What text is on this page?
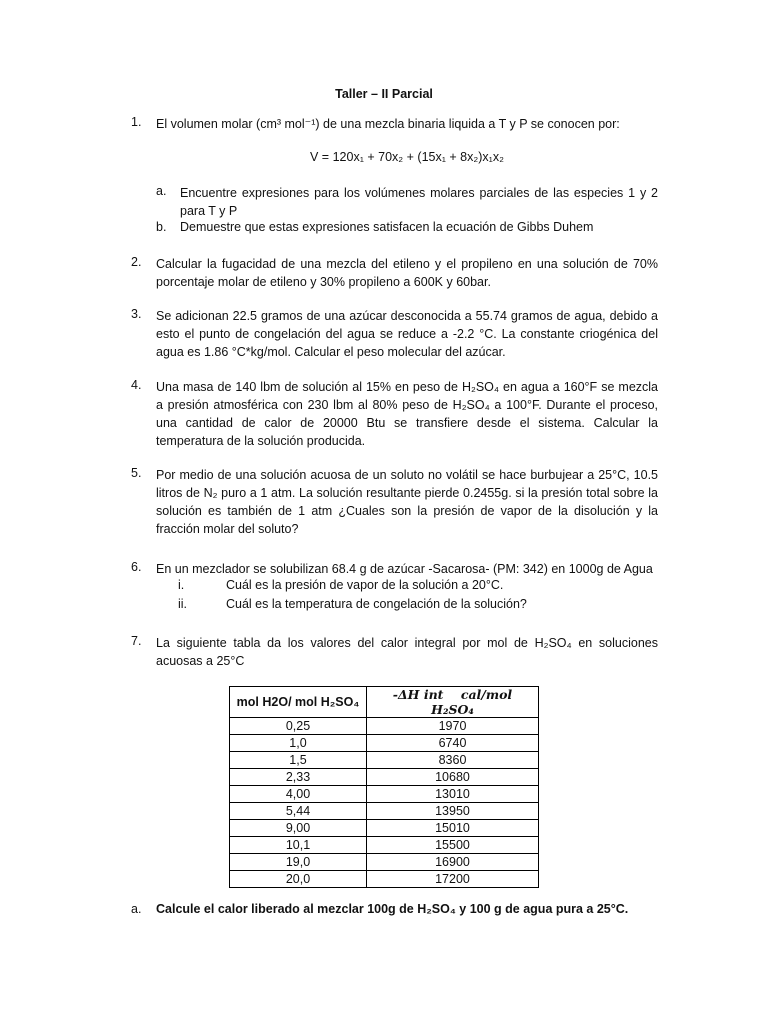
Taller – II Parcial
1.	El volumen molar (cm³ mol⁻¹) de una mezcla binaria liquida a T y P se conocen por:
V = 120x₁ + 70x₂ + (15x₁ + 8x₂)x₁x₂
a. Encuentre expresiones para los volúmenes molares parciales de las especies 1 y 2 para T y P
b. Demuestre que estas expresiones satisfacen la ecuación de Gibbs Duhem
2.	Calcular la fugacidad de una mezcla del etileno y el propileno en una solución de 70% porcentaje molar de etileno y 30% propileno a 600K y 60bar.
3.	Se adicionan 22.5 gramos de una azúcar desconocida a 55.74 gramos de agua, debido a esto el punto de congelación del agua se reduce a -2.2 °C. La constante criogénica del agua es 1.86 °C*kg/mol. Calcular el peso molecular del azúcar.
4.	Una masa de 140 lbm de solución al 15% en peso de H₂SO₄ en agua a 160°F se mezcla a presión atmosférica con 230 lbm al 80% peso de H₂SO₄ a 100°F. Durante el proceso, una cantidad de calor de 20000 Btu se transfiere desde el sistema. Calcular la temperatura de la solución producida.
5.	Por medio de una solución acuosa de un soluto no volátil se hace burbujear a 25°C, 10.5 litros de N₂ puro a 1 atm. La solución resultante pierde 0.2455g. si la presión total sobre la solución es también de 1 atm ¿Cuales son la presión de vapor de la disolución y la fracción molar del soluto?
6.	En un mezclador se solubilizan 68.4 g de azúcar -Sacarosa- (PM: 342) en 1000g de Agua
i.	Cuál es la presión de vapor de la solución a 20°C.
ii.	Cuál es la temperatura de congelación de la solución?
7.	La siguiente tabla da los valores del calor integral por mol de H₂SO₄ en soluciones acuosas a 25°C
mol H2O/ mol H₂SO₄	-ΔH int cal/mol H₂SO₄
0,25	1970
1,0	6740
1,5	8360
2,33	10680
4,00	13010
5,44	13950
9,00	15010
10,1	15500
19,0	16900
20,0	17200
a. Calcule el calor liberado al mezclar 100g de H₂SO₄ y 100 g de agua pura a 25°C.
